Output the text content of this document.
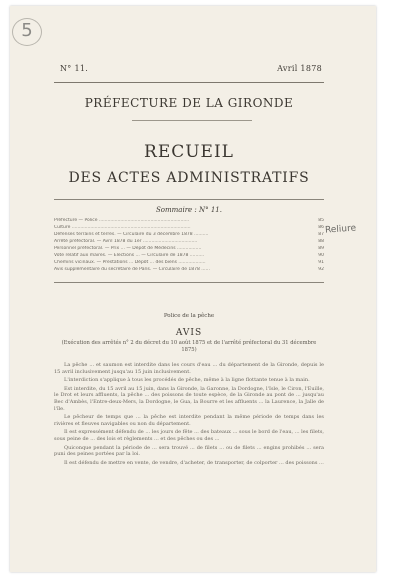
5
Reliure
N° 11.	Avril 1878
PRÉFECTURE DE LA GIRONDE
RECUEIL
DES ACTES ADMINISTRATIFS
Sommaire : N° 11.
Préfecture — Police ...............................................................	85
Culture ...................................................................................	86
Défenses terrains et terres. — Circulaire du 3 décembre 1878 ..........	87
Arrêté préfectoral. — Avril 1878 du 1er ......................................	88
Personnel préfectoral. — Prix ... — Dépôt de Médecins .................	89
Vote relatif aux maires. — Élections ... — Circulaire de 1878 ..........	90
Chemins vicinaux. — Prestations ... Dépôt ... des biens ...................	91
Avis supplémentaire du secrétaire de Paris. — Circulaire de 1878 ......	92
Police de la pêche
AVIS
(Exécution des arrêtés n° 2 du décret du 10 août 1875 et de l'arrêté préfectoral du 31 décembre 1875)

La pêche ... et saumon est interdite dans les cours d'eau ... du département de la Gironde, depuis le 15 avril inclusivement jusqu'au 15 juin inclusivement.

L'interdiction s'applique à tous les procédés de pêche, même à la ligne flottante tenue à la main.

Est interdite, du 15 avril au 15 juin, dans la Gironde, la Garonne, la Dordogne, l'Isle, le Ciron, l'Euille, le Drot et leurs affluents, la pêche ... des poissons de toute espèce, de la Gironde au pont de ... jusqu'au Bec d'Ambès, l'Entre-deux-Mers, la Dordogne, le Gua, la Bourre et les affluents ... la Laurence, la Jalle de l'île.

Le pêcheur de temps que ... la pêche est interdite pendant la même période de temps dans les rivières et fleuves navigables ou non du département.

Il est expressément défendu de ... les jours de fête ... des bateaux ... sous le bord de l'eau, ... les filets, sous peine de ... des lois et règlements ... et des pêches ou des ...

Quiconque pendant la période de ... sera trouvé ... de filets ... ou de filets ... engins prohibés ... sera puni des peines portées par la loi.

Il est défendu de mettre en vente, de vendre, d'acheter, de transporter, de colporter ... des poissons ...
